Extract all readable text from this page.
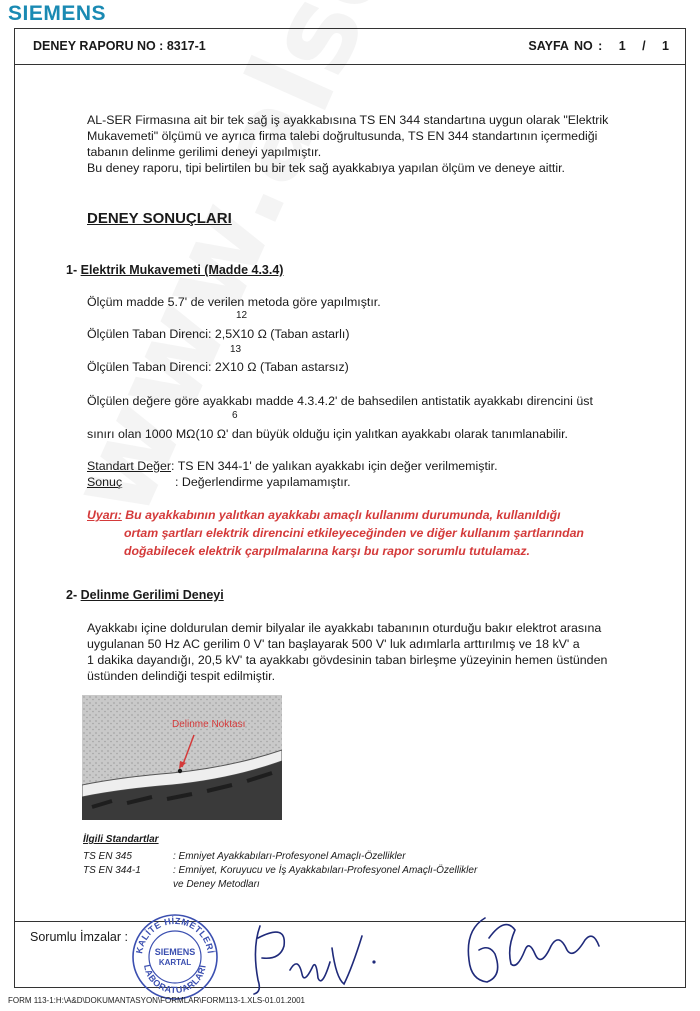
SIEMENS
DENEY RAPORU NO : 8317-1	SAYFA NO : 1 / 1

AL-SER Firmasına ait bir tek sağ iş ayakkabısına TS EN 344 standartına uygun olarak "Elektrik

Mukavemeti" ölçümü ve ayrıca firma talebi doğrultusunda, TS EN 344 standartının içermediği

tabanın delinme gerilimi deneyi yapılmıştır.

Bu deney raporu, tipi belirtilen bu bir tek sağ ayakkabıya yapılan ölçüm ve deneye aittir.

DENEY SONUÇLARI
1- Elektrik Mukavemeti (Madde 4.3.4)

Ölçüm madde 5.7' de verilen metoda göre yapılmıştır.

12

Ölçülen Taban Direnci: 2,5X10 Ω (Taban astarlı)

13

Ölçülen Taban Direnci: 2X10 Ω (Taban astarsız)

Ölçülen değere göre ayakkabı madde 4.3.4.2' de bahsedilen antistatik ayakkabı direncini üst

6

sınırı olan 1000 MΩ(10 Ω' dan büyük olduğu için yalıtkan ayakkabı olarak tanımlanabilir.

Standart Değer: TS EN 344-1' de yalıkan ayakkabı için değer verilmemiştir.

Sonuç	: Değerlendirme yapılamamıştır.

Uyarı: Bu ayakkabının yalıtkan ayakkabı amaçlı kullanımı durumunda, kullanıldığı
ortam şartları elektrik direncini etkileyeceğinden ve diğer kullanım şartlarından
doğabilecek elektrik çarpılmalarına karşı bu rapor sorumlu tutulamaz.
2- Delinme Gerilimi Deneyi

Ayakkabı içine doldurulan demir bilyalar ile ayakkabı tabanının oturduğu bakır elektrot arasına

uygulanan 50 Hz AC gerilim 0 V' tan başlayarak 500 V' luk adımlarla arttırılmış ve 18 kV' a

1 dakika dayandığı, 20,5 kV' ta ayakkabı gövdesinin taban birleşme yüzeyinin hemen üstünden

üstünden delindiği tespit edilmiştir.

Delinme Noktası
İlgili Standartlar
TS EN 345	: Emniyet Ayakkabıları-Profesyonel Amaçlı-Özellikler
TS EN 344-1	: Emniyet, Koruyucu ve İş Ayakkabıları-Profesyonel Amaçlı-Özellikler
ve Deney Metodları
Sorumlu İmzalar :
KALİTE HİZMETLERİ
LABORATUARLARI
SIEMENS
KARTAL
FORM 113-1:H:\A&D\DOKUMANTASYON\FORMLAR\FORM113-1.XLS-01.01.2001
